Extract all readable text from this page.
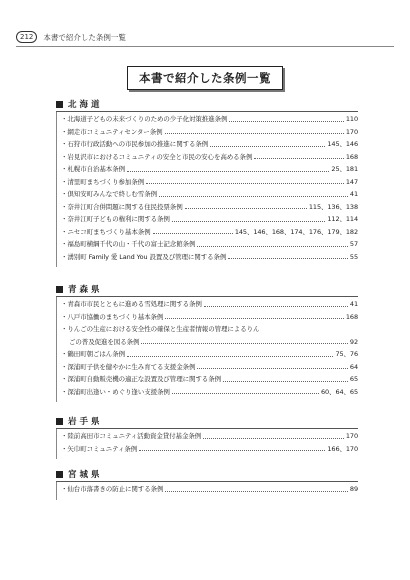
212	本書で紹介した条例一覧
本書で紹介した条例一覧
北海道
・北海道子どもの未来づくりのための少子化対策推進条例	110
・網走市コミュニティセンター条例	170
・石狩市行政活動への市民参加の推進に関する条例	145、146
・岩見沢市におけるコミュニティの安全と市民の安心を高める条例	168
・札幌市自治基本条例	25、181
・清里町まちづくり参加条例	147
・倶知安町みんなで終しむ雪条例	41
・奈井江町合併問題に関する住民投票条例	115、136、138
・奈井江町子どもの権利に関する条例	112、114
・ニセコ町まちづくり基本条例	145、146、168、174、176、179、182
・福島町横綱千代の山・千代の富士記念館条例	57
・湧別町 Family 愛 Land You 設置及び管理に関する条例	55
青森県
・青森市市民とともに進める雪処理に関する条例	41
・八戸市協働のまちづくり基本条例	168
・りんごの生産における安全性の確保と生産者情報の管理によるりん
ごの普及促進を図る条例	92
・鶴田町朝ごはん条例	75、76
・深浦町子供を健やかに生み育てる支援金条例	64
・深浦町自動販売機の適正な設置及び管理に関する条例	65
・深浦町出逢い・めぐり逢い支援条例	60、64、65
岩手県
・陸前高田市コミュニティ活動資金貸付基金条例	170
・矢巾町コミュニティ条例	166、170
宮城県
・仙台市落書きの防止に関する条例	89
